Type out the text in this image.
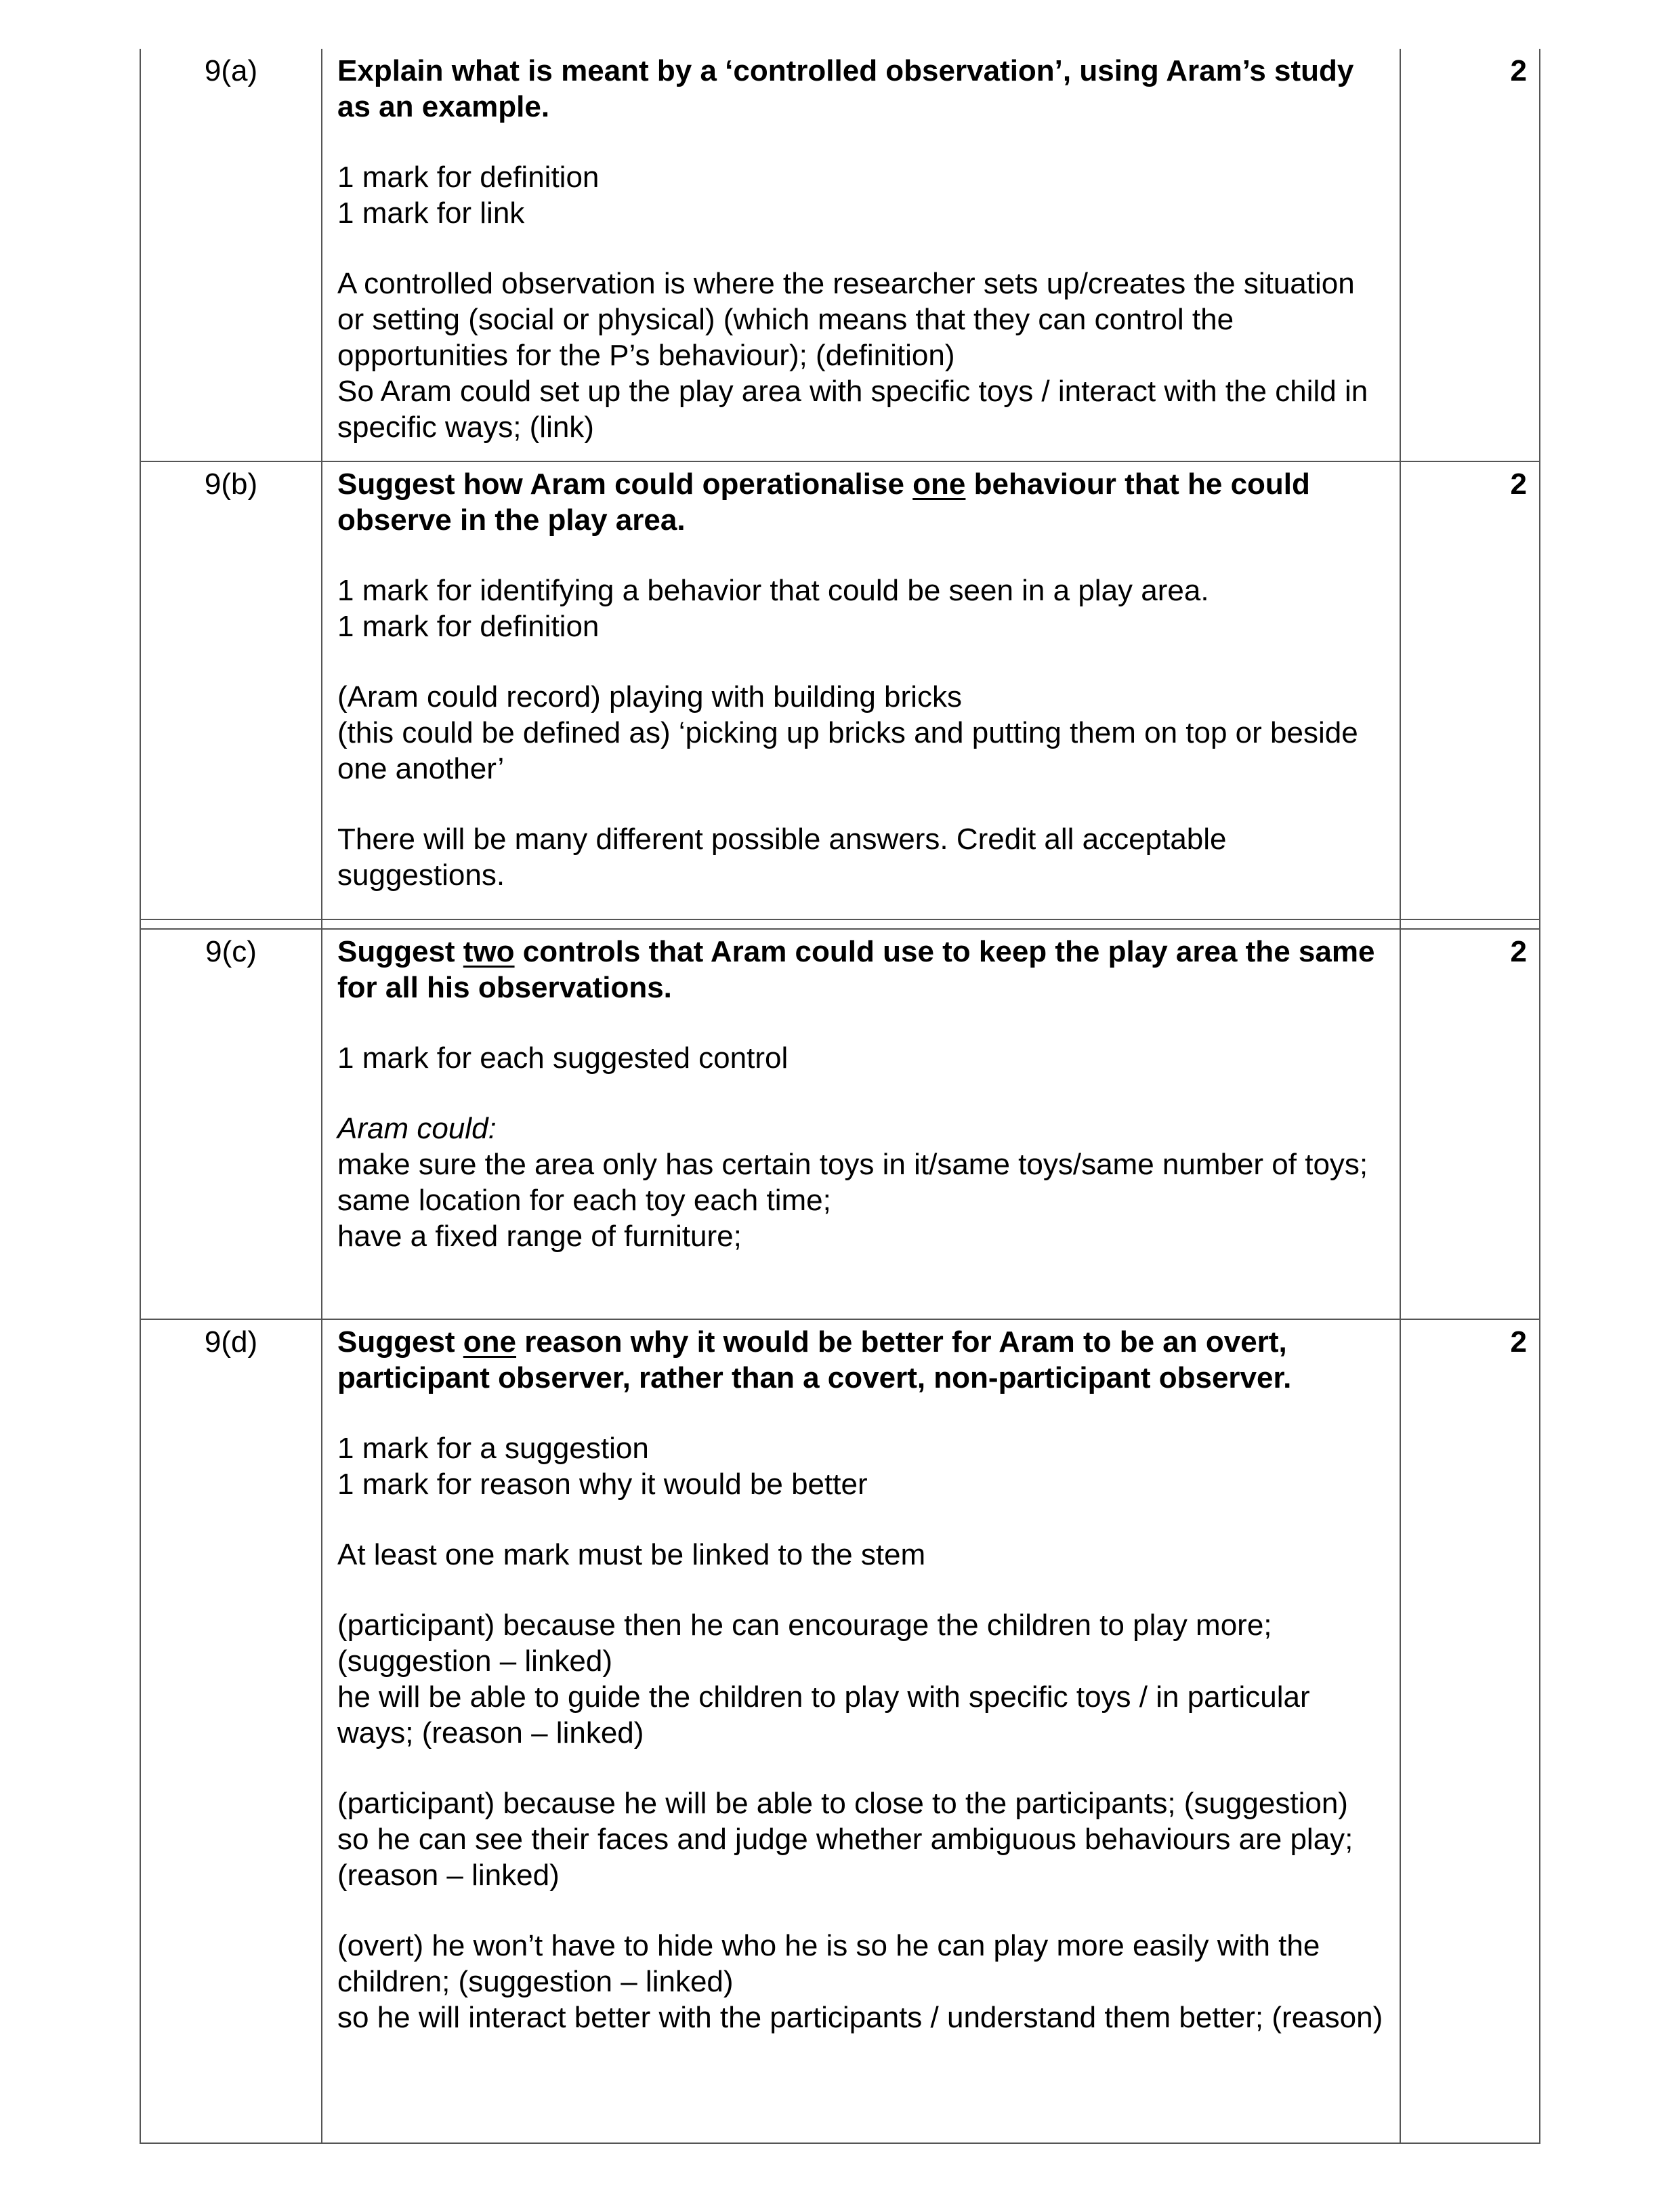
9(a)	Explain what is meant by a ‘controlled observation’, using Aram’s study as an example.

1 mark for definition
1 mark for link

A controlled observation is where the researcher sets up/creates the situation or setting (social or physical) (which means that they can control the opportunities for the P’s behaviour); (definition)
So Aram could set up the play area with specific toys / interact with the child in specific ways; (link)

2
9(b)	Suggest how Aram could operationalise one behaviour that he could observe in the play area.

1 mark for identifying a behavior that could be seen in a play area.
1 mark for definition

(Aram could record) playing with building bricks
(this could be defined as) ‘picking up bricks and putting them on top or beside one another’

There will be many different possible answers. Credit all acceptable suggestions.

2
9(c)	Suggest two controls that Aram could use to keep the play area the same for all his observations.

1 mark for each suggested control

Aram could:
make sure the area only has certain toys in it/same toys/same number of toys;
same location for each toy each time;
have a fixed range of furniture;

2
9(d)	Suggest one reason why it would be better for Aram to be an overt, participant observer, rather than a covert, non-participant observer.

1 mark for a suggestion
1 mark for reason why it would be better

At least one mark must be linked to the stem

(participant) because then he can encourage the children to play more; (suggestion – linked)
he will be able to guide the children to play with specific toys / in particular ways; (reason – linked)

(participant) because he will be able to close to the participants; (suggestion)
so he can see their faces and judge whether ambiguous behaviours are play; (reason – linked)

(overt) he won’t have to hide who he is so he can play more easily with the children; (suggestion – linked)
so he will interact better with the participants / understand them better; (reason)

2
